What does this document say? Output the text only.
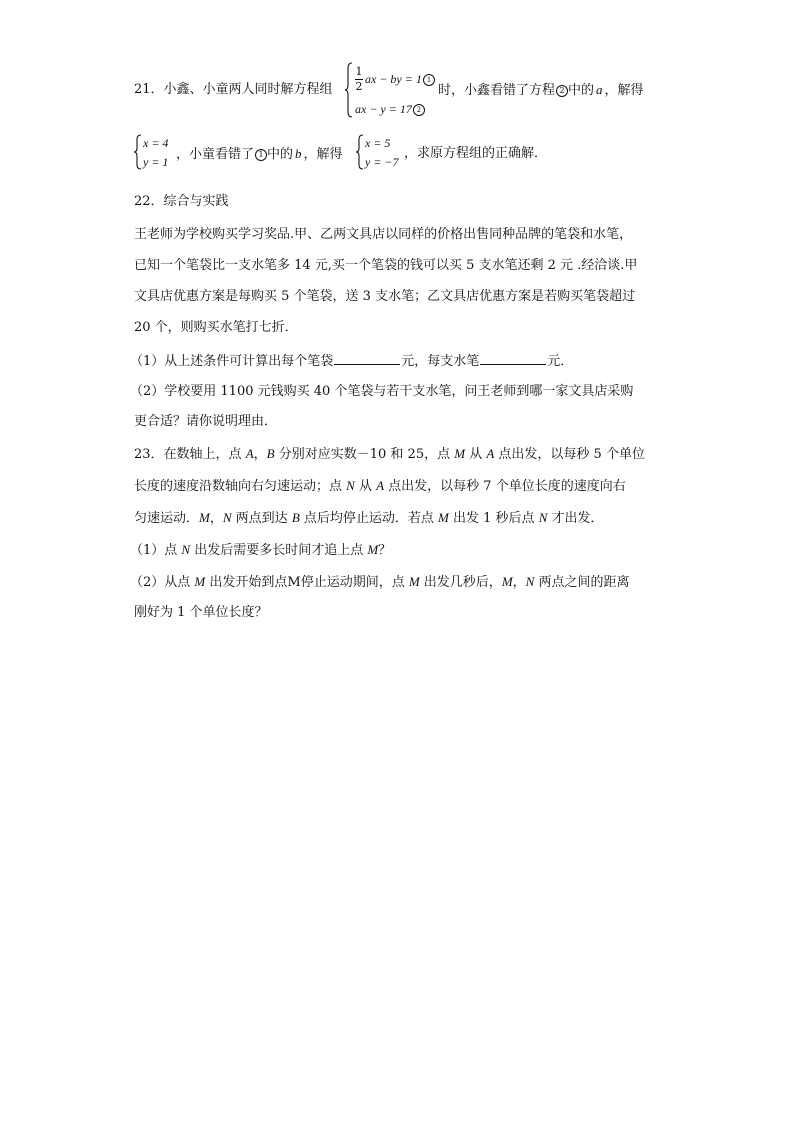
21．小鑫、小童两人同时解方程组
1
2
ax − by = 1 1
ax − y = 17 2
时，小鑫看错了方程 2 中的 a ，解得
x = 4
y = 1 ，小童看错了 1 中的 b ，解得
x = 5
y = −7
，求原方程组的正确解．
22．综合与实践
王老师为学校购买学习奖品.甲、乙两文具店以同样的价格出售同种品牌的笔袋和水笔，
已知一个笔袋比一支水笔多 14 元,买一个笔袋的钱可以买 5 支水笔还剩 2 元 .经洽谈.甲
文具店优惠方案是每购买 5 个笔袋，送 3 支水笔；乙文具店优惠方案是若购买笔袋超过
20 个，则购买水笔打七折．
（1）从上述条件可计算出每个笔袋	元，每支水笔	元．
（2）学校要用 1100 元钱购买 40 个笔袋与若干支水笔，问王老师到哪一家文具店采购
更合适？请你说明理由．
23．在数轴上，点 A，B 分别对应实数－10 和 25，点 M 从 A 点出发，以每秒 5 个单位
长度的速度沿数轴向右匀速运动；点 N 从 A 点出发，以每秒 7 个单位长度的速度向右
匀速运动．M，N 两点到达 B 点后均停止运动．若点 M 出发 1 秒后点 N 才出发．
（1）点 N 出发后需要多长时间才追上点 M？
（2）从点 M 出发开始到点M停止运动期间，点 M 出发几秒后，M，N 两点之间的距离
刚好为 1 个单位长度？
